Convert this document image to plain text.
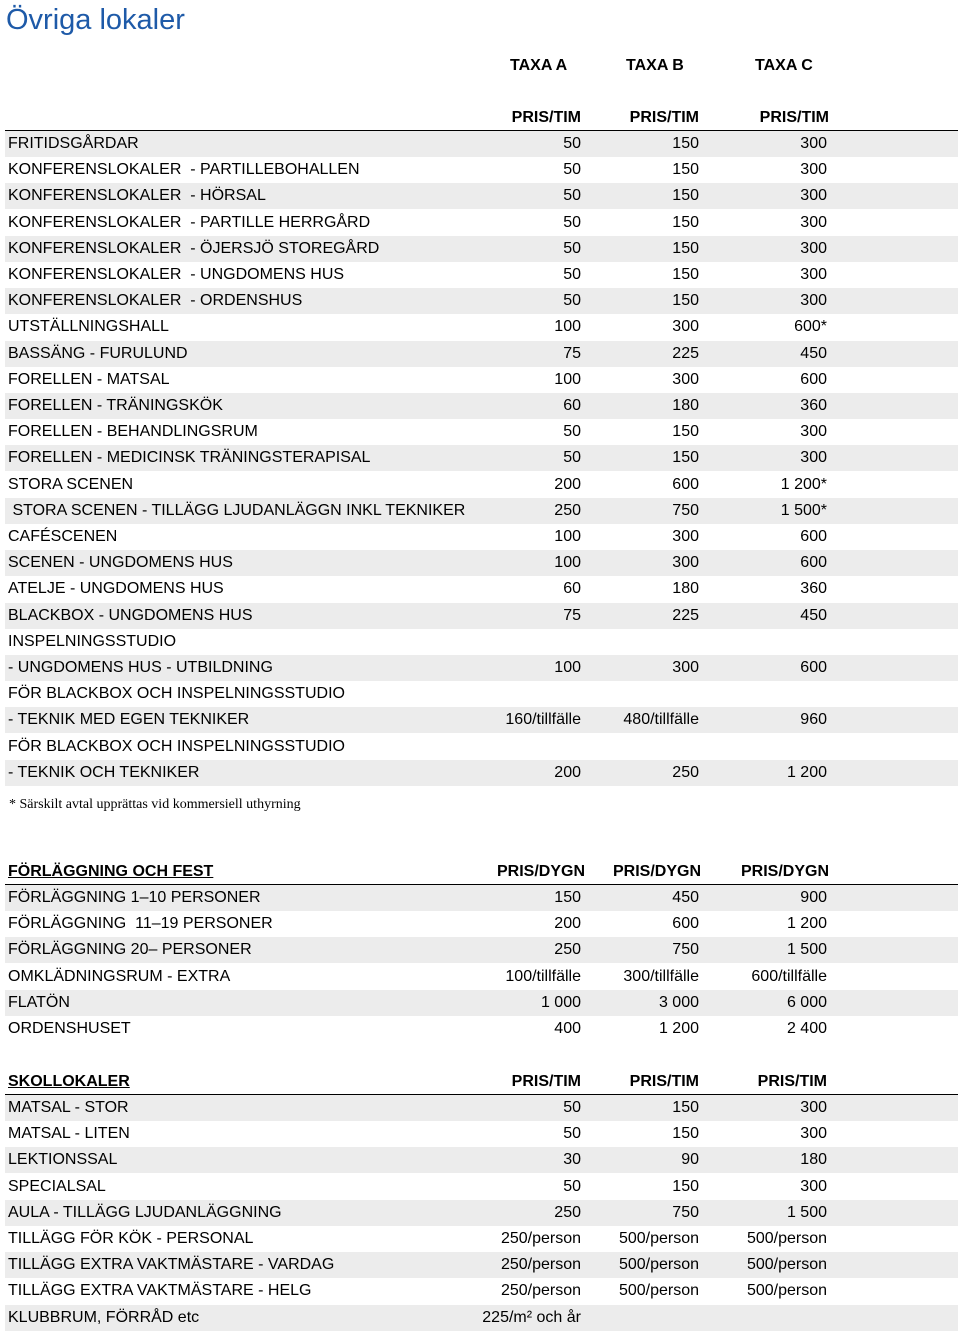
Övriga lokaler
TAXA A	TAXA B	TAXA C
PRIS/TIM	PRIS/TIM	PRIS/TIM
FRITIDSGÅRDAR	50	150	300
KONFERENSLOKALER  - PARTILLEBOHALLEN	50	150	300
KONFERENSLOKALER  - HÖRSAL	50	150	300
KONFERENSLOKALER  - PARTILLE HERRGÅRD	50	150	300
KONFERENSLOKALER  - ÖJERSJÖ STOREGÅRD	50	150	300
KONFERENSLOKALER  - UNGDOMENS HUS	50	150	300
KONFERENSLOKALER  - ORDENSHUS	50	150	300
UTSTÄLLNINGSHALL	100	300	600*
BASSÄNG - FURULUND	75	225	450
FORELLEN - MATSAL	100	300	600
FORELLEN - TRÄNINGSKÖK	60	180	360
FORELLEN - BEHANDLINGSRUM	50	150	300
FORELLEN - MEDICINSK TRÄNINGSTERAPISAL	50	150	300
STORA SCENEN	200	600	1 200*
STORA SCENEN - TILLÄGG LJUDANLÄGGN INKL TEKNIKER	250	750	1 500*
CAFÉSCENEN	100	300	600
SCENEN - UNGDOMENS HUS	100	300	600
ATELJE - UNGDOMENS HUS	60	180	360
BLACKBOX - UNGDOMENS HUS	75	225	450
INSPELNINGSSTUDIO
- UNGDOMENS HUS - UTBILDNING	100	300	600
FÖR BLACKBOX OCH INSPELNINGSSTUDIO
- TEKNIK MED EGEN TEKNIKER	160/tillfälle	480/tillfälle	960
FÖR BLACKBOX OCH INSPELNINGSSTUDIO
- TEKNIK OCH TEKNIKER	200	250	1 200
* Särskilt avtal upprättas vid kommersiell uthyrning
FÖRLÄGGNING OCH FEST	PRIS/DYGN PRIS/DYGN PRIS/DYGN
FÖRLÄGGNING 1–10 PERSONER	150	450	900
FÖRLÄGGNING  11–19 PERSONER	200	600	1 200
FÖRLÄGGNING 20– PERSONER	250	750	1 500
OMKLÄDNINGSRUM - EXTRA	100/tillfälle	300/tillfälle	600/tillfälle
FLATÖN	1 000	3 000	6 000
ORDENSHUSET	400	1 200	2 400
SKOLLOKALER	PRIS/TIM	PRIS/TIM	PRIS/TIM
MATSAL - STOR	50	150	300
MATSAL - LITEN	50	150	300
LEKTIONSSAL	30	90	180
SPECIALSAL	50	150	300
AULA - TILLÄGG LJUDANLÄGGNING	250	750	1 500
TILLÄGG FÖR KÖK - PERSONAL	250/person 500/person	500/person
TILLÄGG EXTRA VAKTMÄSTARE - VARDAG	250/person 500/person	500/person
TILLÄGG EXTRA VAKTMÄSTARE - HELG	250/person 500/person	500/person
KLUBBRUM, FÖRRÅD etc	225/m² och år
